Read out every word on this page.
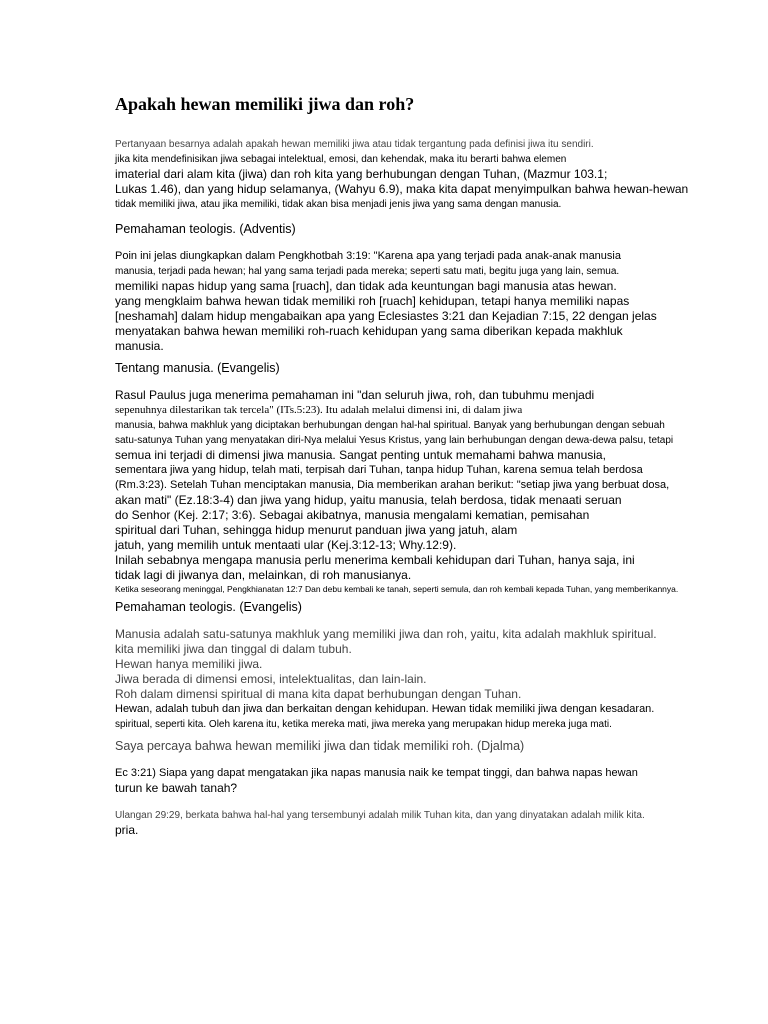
Apakah hewan memiliki jiwa dan roh?
Pertanyaan besarnya adalah apakah hewan memiliki jiwa atau tidak tergantung pada definisi jiwa itu sendiri.
jika kita mendefinisikan jiwa sebagai intelektual, emosi, dan kehendak, maka itu berarti bahwa elemen
imaterial dari alam kita (jiwa) dan roh kita yang berhubungan dengan Tuhan, (Mazmur 103.1;
Lukas 1.46), dan yang hidup selamanya, (Wahyu 6.9), maka kita dapat menyimpulkan bahwa hewan-hewan
tidak memiliki jiwa, atau jika memiliki, tidak akan bisa menjadi jenis jiwa yang sama dengan manusia.
Pemahaman teologis. (Adventis)
Poin ini jelas diungkapkan dalam Pengkhotbah 3:19: "Karena apa yang terjadi pada anak-anak manusia
manusia, terjadi pada hewan; hal yang sama terjadi pada mereka; seperti satu mati, begitu juga yang lain, semua.
memiliki napas hidup yang sama [ruach], dan tidak ada keuntungan bagi manusia atas hewan.
yang mengklaim bahwa hewan tidak memiliki roh [ruach] kehidupan, tetapi hanya memiliki napas
[neshamah] dalam hidup mengabaikan apa yang Eclesiastes 3:21 dan Kejadian 7:15, 22 dengan jelas
menyatakan bahwa hewan memiliki roh-ruach kehidupan yang sama diberikan kepada makhluk
manusia.
Tentang manusia. (Evangelis)
Rasul Paulus juga menerima pemahaman ini "dan seluruh jiwa, roh, dan tubuhmu menjadi
sepenuhnya dilestarikan tak tercela" (ITs.5:23). Itu adalah melalui dimensi ini, di dalam jiwa
manusia, bahwa makhluk yang diciptakan berhubungan dengan hal-hal spiritual. Banyak yang berhubungan dengan sebuah
satu-satunya Tuhan yang menyatakan diri-Nya melalui Yesus Kristus, yang lain berhubungan dengan dewa-dewa palsu, tetapi
semua ini terjadi di dimensi jiwa manusia. Sangat penting untuk memahami bahwa manusia,
sementara jiwa yang hidup, telah mati, terpisah dari Tuhan, tanpa hidup Tuhan, karena semua telah berdosa
(Rm.3:23). Setelah Tuhan menciptakan manusia, Dia memberikan arahan berikut: "setiap jiwa yang berbuat dosa,
akan mati" (Ez.18:3-4) dan jiwa yang hidup, yaitu manusia, telah berdosa, tidak menaati seruan
do Senhor (Kej. 2:17; 3:6). Sebagai akibatnya, manusia mengalami kematian, pemisahan
spiritual dari Tuhan, sehingga hidup menurut panduan jiwa yang jatuh, alam
jatuh, yang memilih untuk mentaati ular (Kej.3:12-13; Why.12:9).
Inilah sebabnya mengapa manusia perlu menerima kembali kehidupan dari Tuhan, hanya saja, ini
tidak lagi di jiwanya dan, melainkan, di roh manusianya.
Ketika seseorang meninggal, Pengkhianatan 12:7 Dan debu kembali ke tanah, seperti semula, dan roh kembali kepada Tuhan, yang memberikannya.
Pemahaman teologis. (Evangelis)
Manusia adalah satu-satunya makhluk yang memiliki jiwa dan roh, yaitu, kita adalah makhluk spiritual.
kita memiliki jiwa dan tinggal di dalam tubuh.
Hewan hanya memiliki jiwa.
Jiwa berada di dimensi emosi, intelektualitas, dan lain-lain.
Roh dalam dimensi spiritual di mana kita dapat berhubungan dengan Tuhan.
Hewan, adalah tubuh dan jiwa dan berkaitan dengan kehidupan. Hewan tidak memiliki jiwa dengan kesadaran.
spiritual, seperti kita. Oleh karena itu, ketika mereka mati, jiwa mereka yang merupakan hidup mereka juga mati.
Saya percaya bahwa hewan memiliki jiwa dan tidak memiliki roh. (Djalma)
Ec 3:21) Siapa yang dapat mengatakan jika napas manusia naik ke tempat tinggi, dan bahwa napas hewan
turun ke bawah tanah?
Ulangan 29:29, berkata bahwa hal-hal yang tersembunyi adalah milik Tuhan kita, dan yang dinyatakan adalah milik kita.
pria.
